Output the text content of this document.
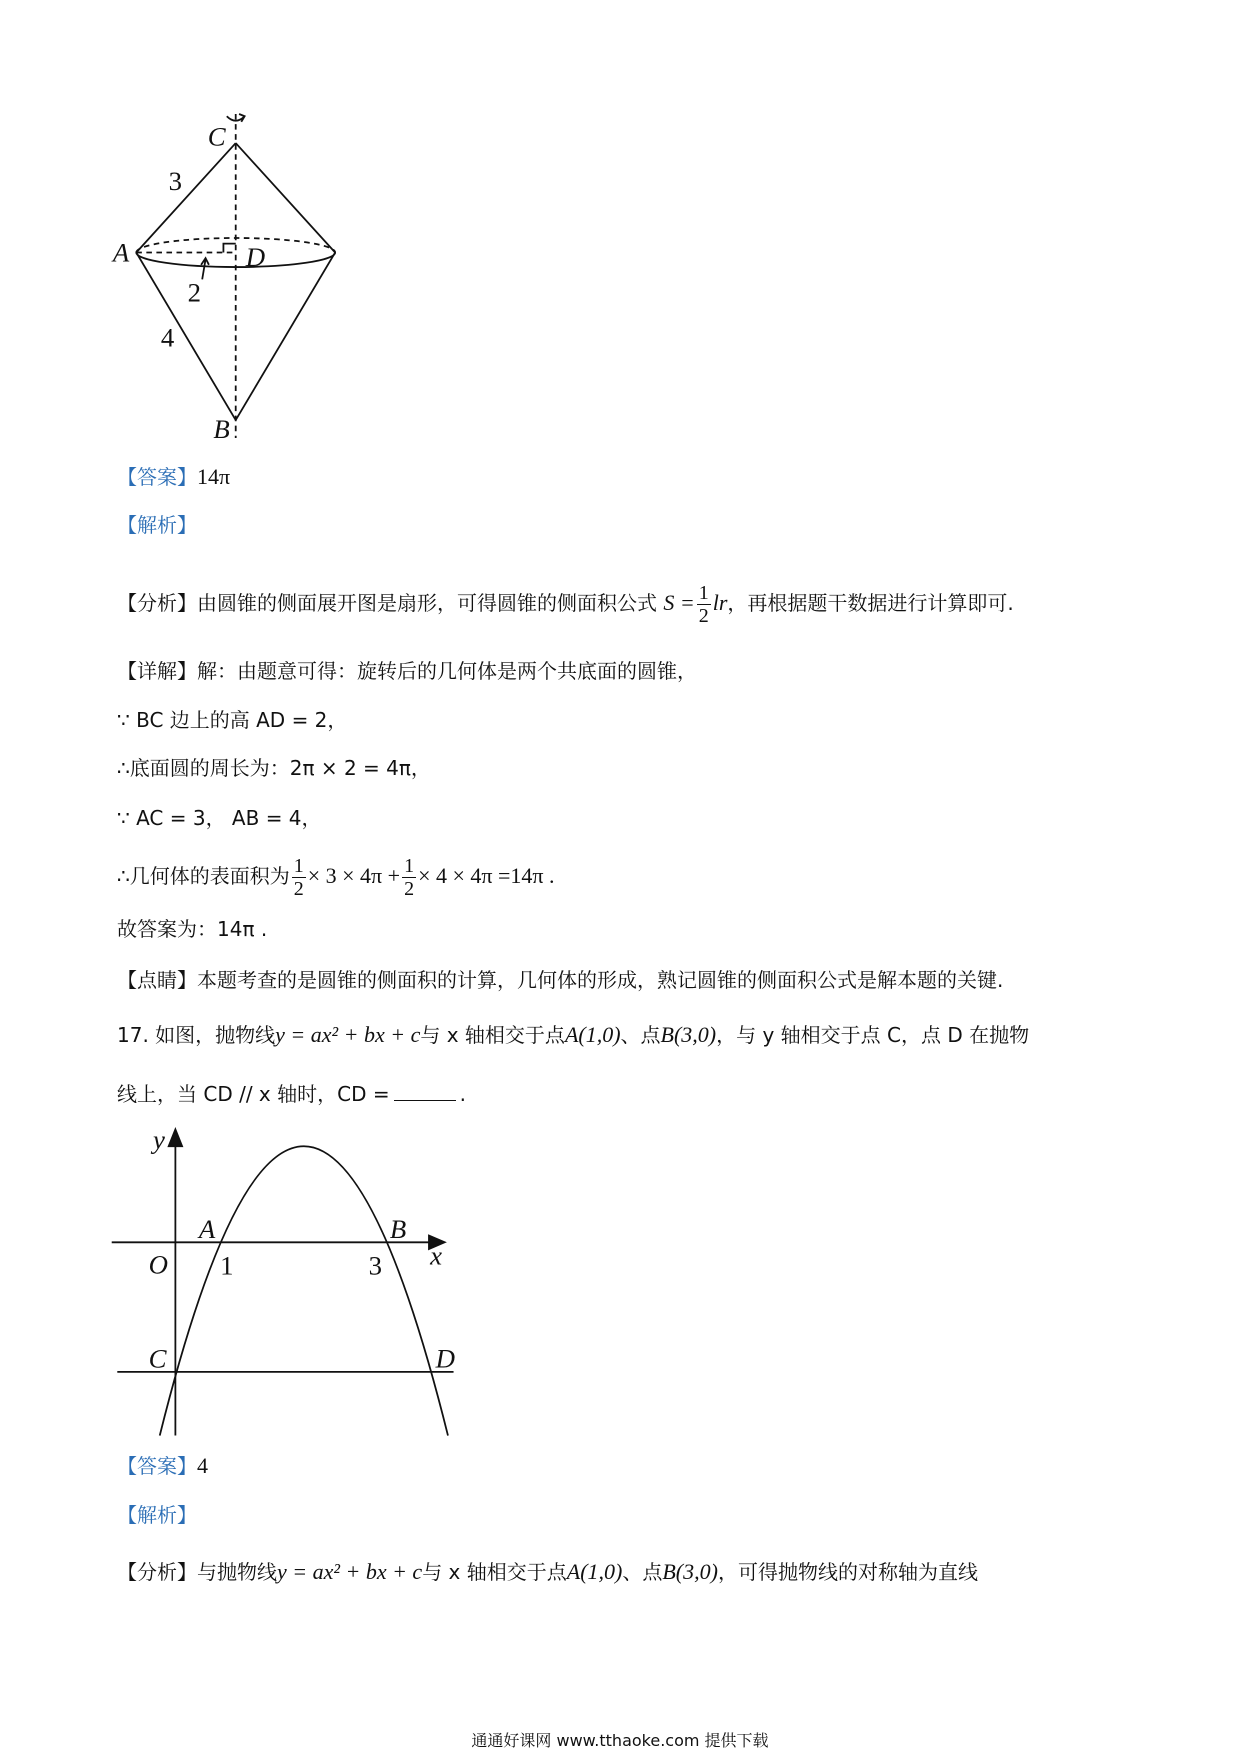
C
3
A	D
2
4
B
y
O
A
1
B
3 x
C	D
【答案】14π
【解析】
【分析】由圆锥的侧面展开图是扇形，可得圆锥的侧面积公式 $S = \frac{1}{2}$ lr，再根据题干数据进行计算即可.
【详解】解：由题意可得：旋转后的几何体是两个共底面的圆锥，
∵ BC 边上的高 AD = 2，
∴底面圆的周长为：2π × 2 = 4π，
∵ AC = 3， AB = 4，
∴几何体的表面积为 $\frac{1}{2} \times 3 \times 4\pi + \frac{1}{2} \times 4 \times 4\pi =14\pi$ .
故答案为：14π .
【点睛】本题考查的是圆锥的侧面积的计算，几何体的形成，熟记圆锥的侧面积公式是解本题的关键.
17. 如图，抛物线y = ax² + bx + c与 x 轴相交于点A(1,0)、点B(3,0)，与 y 轴相交于点 C，点 D 在抛物
线上，当 CD // x 轴时，CD =	.
【答案】4
【解析】
【分析】与抛物线y = ax² + bx + c与 x 轴相交于点A(1,0)、点B(3,0)，可得抛物线的对称轴为直线
通通好课网 www.tthaoke.com 提供下载
